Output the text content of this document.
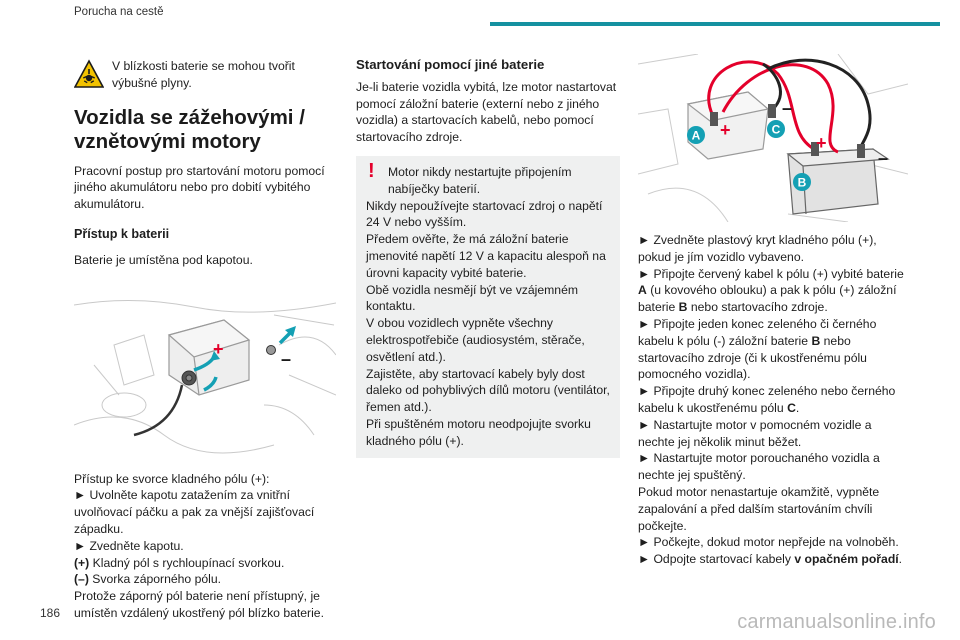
Porucha na cestě

V blízkosti baterie se mohou tvořit výbušné plyny.

Vozidla se zážehovými / vznětovými motory

Pracovní postup pro startování motoru pomocí jiného akumulátoru nebo pro dobití vybitého akumulátoru.

Přístup k baterii

Baterie je umístěna pod kapotou.

+	–

Přístup ke svorce kladného pólu (+):

► Uvolněte kapotu zatažením za vnitřní uvolňovací páčku a pak za vnější zajišťovací západku.

► Zvedněte kapotu.

(+) Kladný pól s rychloupínací svorkou.

(–) Svorka záporného pólu.

Protože záporný pól baterie není přístupný, je umístěn vzdálený ukostřený pól blízko baterie.

Startování pomocí jiné baterie

Je-li baterie vozidla vybitá, lze motor nastartovat pomocí záložní baterie (externí nebo z jiného vozidla) a startovacích kabelů, nebo pomocí startovacího zdroje.

! Motor nikdy nestartujte připojením nabíječky baterií.

Nikdy nepoužívejte startovací zdroj o napětí 24 V nebo vyšším.

Předem ověřte, že má záložní baterie jmenovité napětí 12 V a kapacitu alespoň na úrovni kapacity vybité baterie.

Obě vozidla nesmějí být ve vzájemném kontaktu.

V obou vozidlech vypněte všechny elektrospotřebiče (audiosystém, stěrače, osvětlení atd.).

Zajistěte, aby startovací kabely byly dost daleko od pohyblivých dílů motoru (ventilátor, řemen atd.).

Při spuštěném motoru neodpojujte svorku kladného pólu (+).

+
+
–
–
A
B
C

► Zvedněte plastový kryt kladného pólu (+), pokud je jím vozidlo vybaveno.

► Připojte červený kabel k pólu (+) vybité baterie A (u kovového oblouku) a pak k pólu (+) záložní baterie B nebo startovacího zdroje.

► Připojte jeden konec zeleného či černého kabelu k pólu (-) záložní baterie B nebo startovacího zdroje (či k ukostřenému pólu pomocného vozidla).

► Připojte druhý konec zeleného nebo černého kabelu k ukostřenému pólu C.

► Nastartujte motor v pomocném vozidle a nechte jej několik minut běžet.

► Nastartujte motor porouchaného vozidla a nechte jej spuštěný.

Pokud motor nenastartuje okamžitě, vypněte zapalování a před dalším startováním chvíli počkejte.

► Počkejte, dokud motor nepřejde na volnoběh.

► Odpojte startovací kabely v opačném pořadí.

186	carmanualsonline.info
